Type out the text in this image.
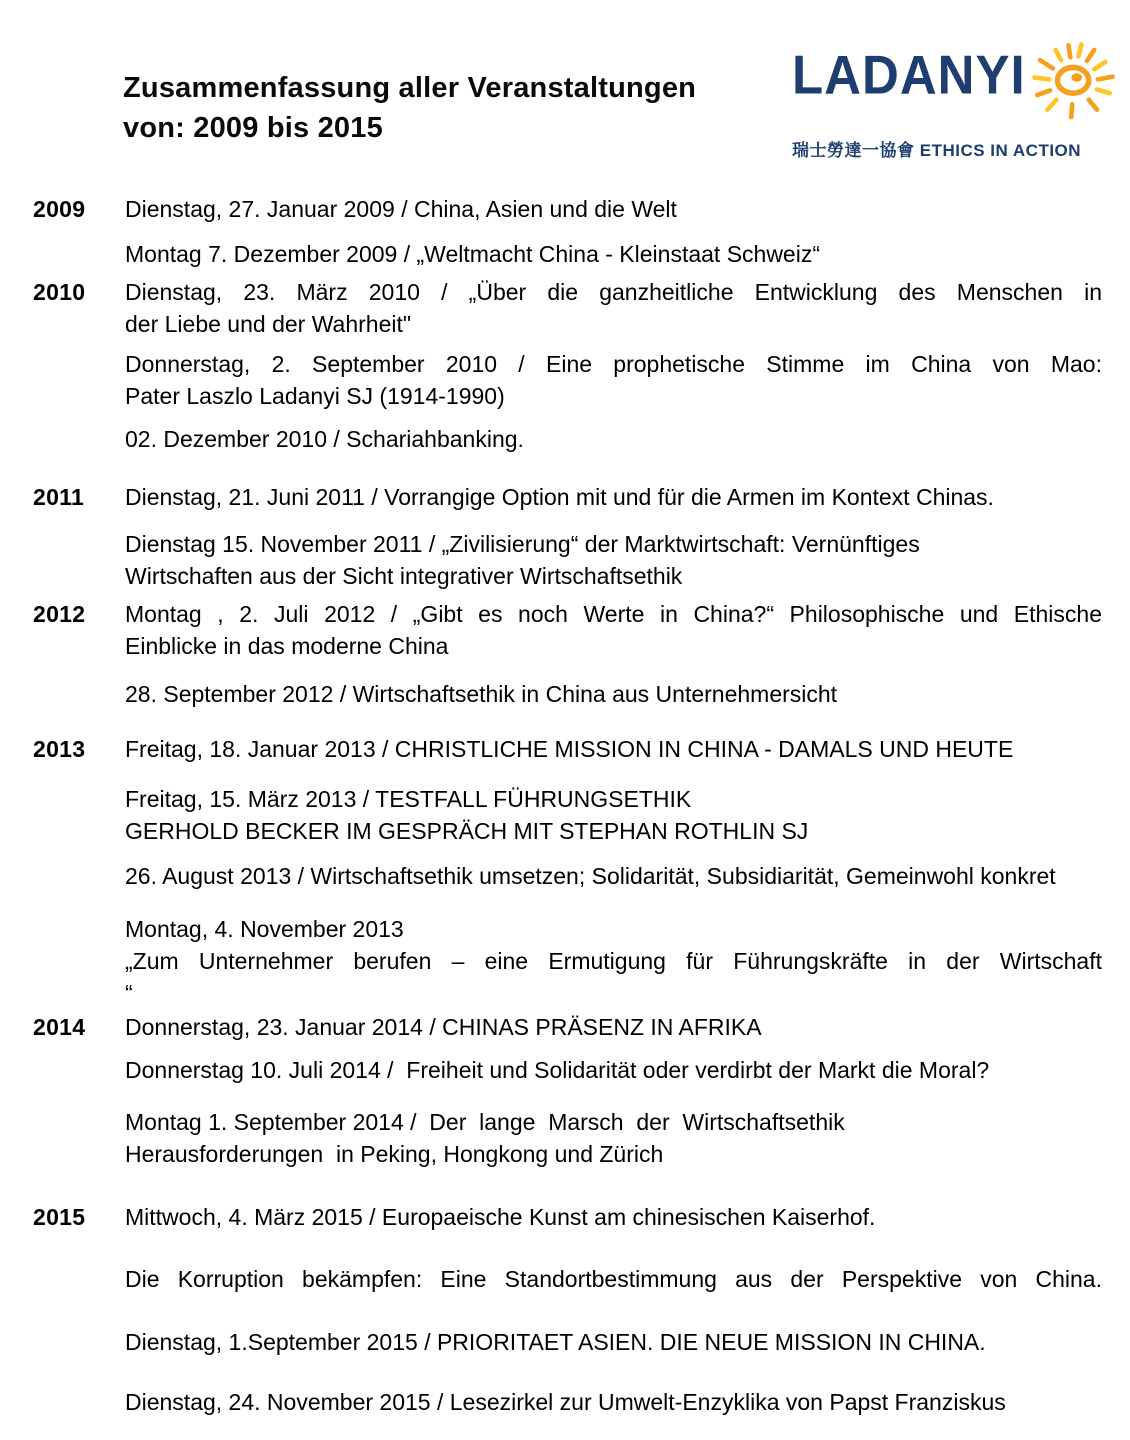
Zusammenfassung aller Veranstaltungen
von: 2009 bis 2015
LADANYI
瑞士勞達一協會 ETHICS IN ACTION
2009 Dienstag, 27. Januar 2009 / China, Asien und die Welt
Montag 7. Dezember 2009 / „Weltmacht China - Kleinstaat Schweiz“
2010 Dienstag, 23. März 2010 / „Über die ganzheitliche Entwicklung des Menschen in
der Liebe und der Wahrheit"
Donnerstag, 2. September 2010 / Eine prophetische Stimme im China von Mao:
Pater Laszlo Ladanyi SJ (1914-1990)
02. Dezember 2010 / Schariahbanking.
2011 Dienstag, 21. Juni 2011 / Vorrangige Option mit und für die Armen im Kontext Chinas.
Dienstag 15. November 2011 / „Zivilisierung“ der Marktwirtschaft: Vernünftiges
Wirtschaften aus der Sicht integrativer Wirtschaftsethik
2012 Montag , 2. Juli 2012 / „Gibt es noch Werte in China?“ Philosophische und Ethische
Einblicke in das moderne China
28. September 2012 / Wirtschaftsethik in China aus Unternehmersicht
2013 Freitag, 18. Januar 2013 / CHRISTLICHE MISSION IN CHINA - DAMALS UND HEUTE
Freitag, 15. März 2013 / TESTFALL FÜHRUNGSETHIK
GERHOLD BECKER IM GESPRÄCH MIT STEPHAN ROTHLIN SJ
26. August 2013 / Wirtschaftsethik umsetzen; Solidarität, Subsidiarität, Gemeinwohl konkret
Montag, 4. November 2013
„Zum Unternehmer berufen – eine Ermutigung für Führungskräfte in der Wirtschaft
“
2014 Donnerstag, 23. Januar 2014 / CHINAS PRÄSENZ IN AFRIKA
Donnerstag 10. Juli 2014 /  Freiheit und Solidarität oder verdirbt der Markt die Moral?
Montag 1. September 2014 /  Der  lange  Marsch  der  Wirtschaftsethik
Herausforderungen  in Peking, Hongkong und Zürich
2015 Mittwoch, 4. März 2015 / Europaeische Kunst am chinesischen Kaiserhof.
Die Korruption bekämpfen: Eine Standortbestimmung aus der Perspektive von China.
Dienstag, 1.September 2015 / PRIORITAET ASIEN. DIE NEUE MISSION IN CHINA.
Dienstag, 24. November 2015 / Lesezirkel zur Umwelt-Enzyklika von Papst Franziskus
